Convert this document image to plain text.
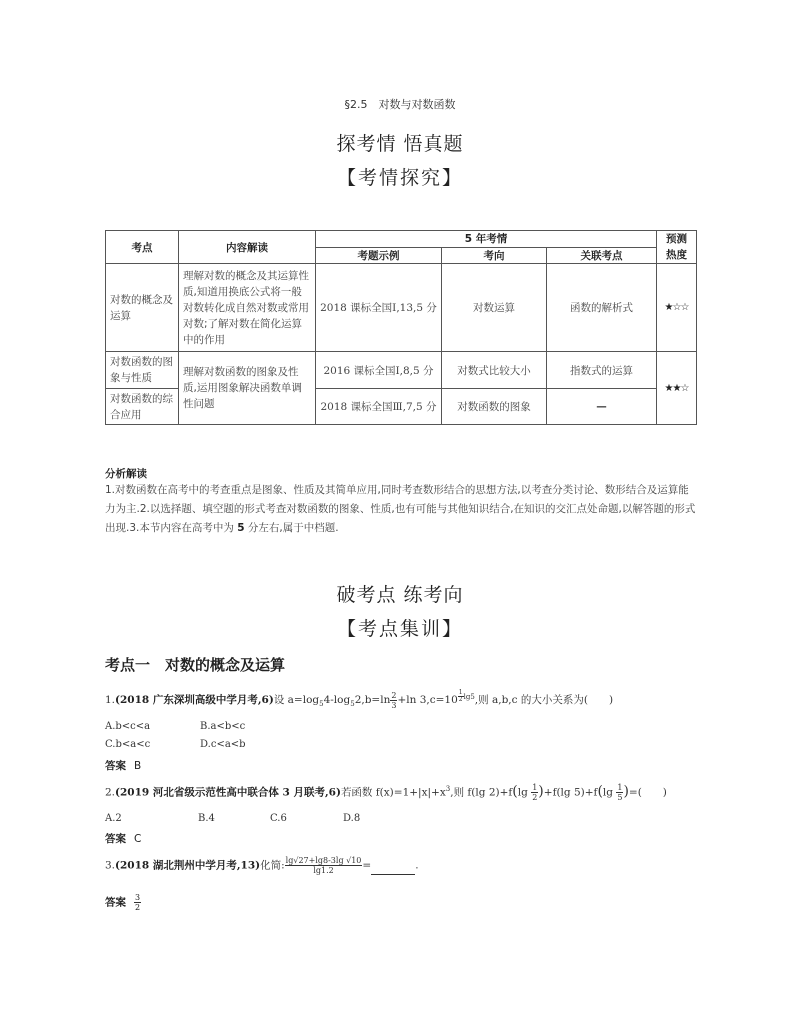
§2.5　对数与对数函数
探考情 悟真题
【考情探究】
考点	内容解读	5 年考情			预测热度
		考题示例	考向	关联考点	
对数的概念及运算	理解对数的概念及其运算性质,知道用换底公式将一般对数转化成自然对数或常用对数;了解对数在简化运算中的作用	2018 课标全国Ⅰ,13,5 分	对数运算	函数的解析式	★☆☆
对数函数的图象与性质	理解对数函数的图象及性质,运用图象解决函数单调性问题	2016 课标全国Ⅰ,8,5 分	对数式比较大小	指数式的运算	★★☆
对数函数的综合应用		2018 课标全国Ⅲ,7,5 分	对数函数的图象	—	
分析解读
1.对数函数在高考中的考查重点是图象、性质及其简单应用,同时考查数形结合的思想方法,以考查分类讨论、数形结合及运算能力为主.2.以选择题、填空题的形式考查对数函数的图象、性质,也有可能与其他知识结合,在知识的交汇点处命题,以解答题的形式出现.3.本节内容在高考中为 5 分左右,属于中档题.
破考点 练考向
【考点集训】
考点一　对数的概念及运算
1.(2018 广东深圳高级中学月考,6)设 $a=\log_54-\log_52,b=\ln \frac{2}{3} +\ln$ 3,c=10 $^{\frac{1}{2} lg5}$,则 a,b,c 的大小关系为(　　)
A.b<c<a	B.a<b<c
C.b<a<c	D.c<a<b
答案 B
2.(2019 河北省级示范性高中联合体 3 月联考,6)若函数 $f(x)=1+|x|+x^3$,则 f(lg $2)+f(\lg \frac{1}{2} )+f(\lg$ $5)+f(\lg \frac{1}{5}$ )=(　　)
A.2	B.4	C.6	D.8
答案 C
3.(2018 湖北荆州中学月考,13)化简: $\frac{\lg√27+\lg 8-3\lg √10}{\lg 1.2}$ =	.
答案 $\frac{3}{2}$
